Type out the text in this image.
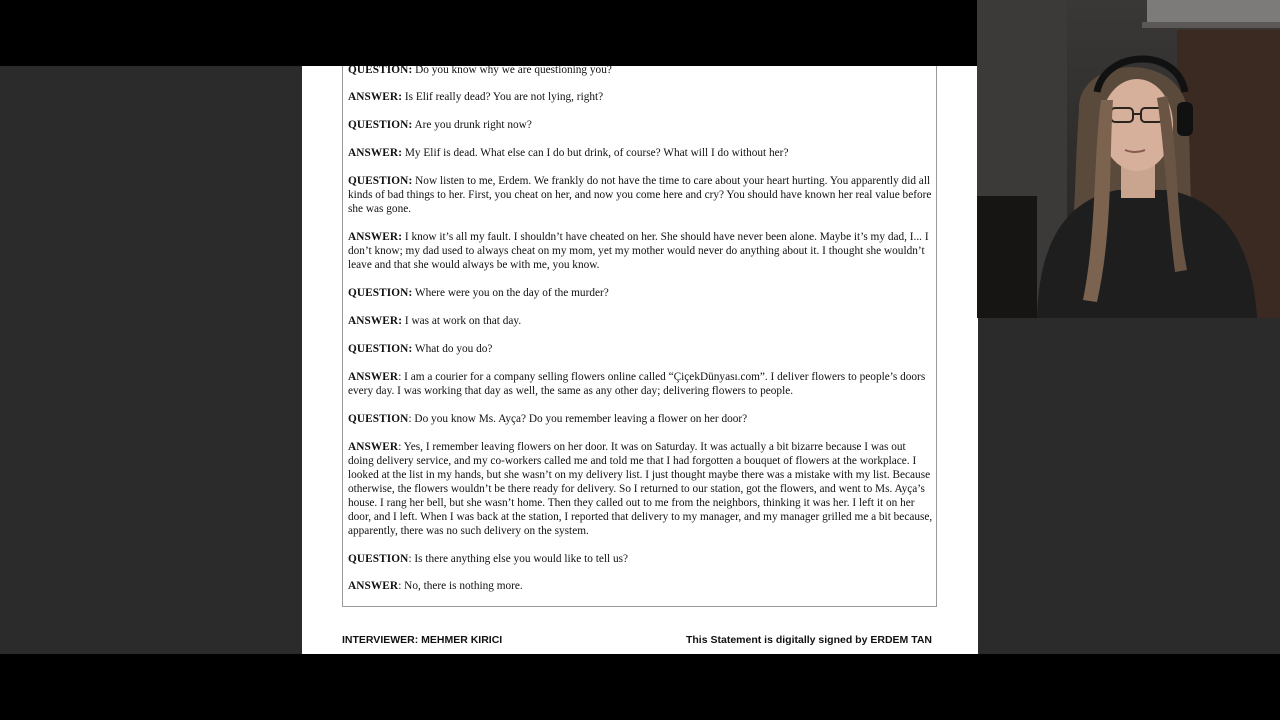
QUESTION: Do you know why we are questioning you?

ANSWER: Is Elif really dead? You are not lying, right?

QUESTION: Are you drunk right now?

ANSWER: My Elif is dead. What else can I do but drink, of course? What will I do without her?

QUESTION: Now listen to me, Erdem. We frankly do not have the time to care about your heart hurting. You apparently did all kinds of bad things to her. First, you cheat on her, and now you come here and cry? You should have known her real value before she was gone.

ANSWER: I know it’s all my fault. I shouldn’t have cheated on her. She should have never been alone. Maybe it’s my dad, I... I don’t know; my dad used to always cheat on my mom, yet my mother would never do anything about it. I thought she wouldn’t leave and that she would always be with me, you know.

QUESTION: Where were you on the day of the murder?

ANSWER: I was at work on that day.

QUESTION: What do you do?

ANSWER: I am a courier for a company selling flowers online called “ÇiçekDünyası.com”. I deliver flowers to people’s doors every day. I was working that day as well, the same as any other day; delivering flowers to people.

QUESTION: Do you know Ms. Ayça? Do you remember leaving a flower on her door?

ANSWER: Yes, I remember leaving flowers on her door. It was on Saturday. It was actually a bit bizarre because I was out doing delivery service, and my co-workers called me and told me that I had forgotten a bouquet of flowers at the workplace. I looked at the list in my hands, but she wasn’t on my delivery list. I just thought maybe there was a mistake with my list. Because otherwise, the flowers wouldn’t be there ready for delivery. So I returned to our station, got the flowers, and went to Ms. Ayça’s house. I rang her bell, but she wasn’t home. Then they called out to me from the neighbors, thinking it was her. I left it on her door, and I left. When I was back at the station, I reported that delivery to my manager, and my manager grilled me a bit because, apparently, there was no such delivery on the system.

QUESTION: Is there anything else you would like to tell us?

ANSWER: No, there is nothing more.

INTERVIEWER: MEHMER KIRICI	This Statement is digitally signed by ERDEM TAN
